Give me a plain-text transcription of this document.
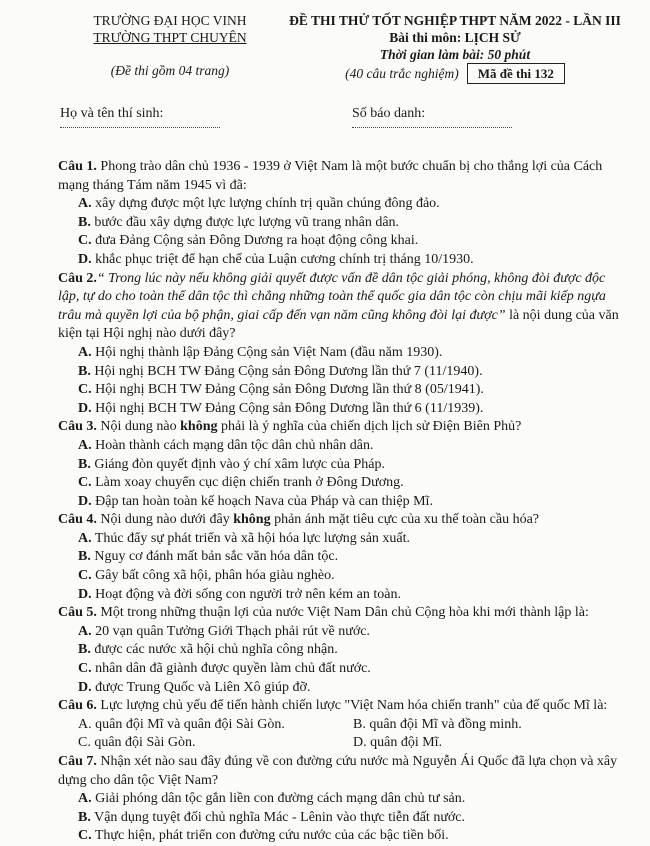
TRƯỜNG ĐẠI HỌC VINH
TRƯỜNG THPT CHUYÊN
(Đề thi gồm 04 trang)
ĐỀ THI THỬ TỐT NGHIỆP THPT NĂM 2022 - LẦN III
Bài thi môn: LỊCH SỬ
Thời gian làm bài: 50 phút
(40 câu trắc nghiệm) Mã đề thi 132
Họ và tên thí sinh:	Số báo danh:

Câu 1. Phong trào dân chủ 1936 - 1939 ở Việt Nam là một bước chuẩn bị cho thắng lợi của Cách mạng tháng Tám năm 1945 vì đã:

A. xây dựng được một lực lượng chính trị quần chúng đông đảo.

B. bước đầu xây dựng được lực lượng vũ trang nhân dân.

C. đưa Đảng Cộng sản Đông Dương ra hoạt động công khai.

D. khắc phục triệt để hạn chế của Luận cương chính trị tháng 10/1930.

Câu 2.“ Trong lúc này nếu không giải quyết được vấn đề dân tộc giải phóng, không đòi được độc lập, tự do cho toàn thể dân tộc thì chẳng những toàn thể quốc gia dân tộc còn chịu mãi kiếp ngựa trâu mà quyền lợi của bộ phận, giai cấp đến vạn năm cũng không đòi lại được” là nội dung của văn kiện tại Hội nghị nào dưới đây?

A. Hội nghị thành lập Đảng Cộng sản Việt Nam (đầu năm 1930).

B. Hội nghị BCH TW Đảng Cộng sản Đông Dương lần thứ 7 (11/1940).

C. Hội nghị BCH TW Đảng Cộng sản Đông Dương lần thứ 8 (05/1941).

D. Hội nghị BCH TW Đảng Cộng sản Đông Dương lần thứ 6 (11/1939).

Câu 3. Nội dung nào không phải là ý nghĩa của chiến dịch lịch sử Điện Biên Phủ?

A. Hoàn thành cách mạng dân tộc dân chủ nhân dân.

B. Giáng đòn quyết định vào ý chí xâm lược của Pháp.

C. Làm xoay chuyển cục diện chiến tranh ở Đông Dương.

D. Đập tan hoàn toàn kế hoạch Nava của Pháp và can thiệp Mĩ.

Câu 4. Nội dung nào dưới đây không phản ánh mặt tiêu cực của xu thế toàn cầu hóa?

A. Thúc đẩy sự phát triển và xã hội hóa lực lượng sản xuất.

B. Nguy cơ đánh mất bản sắc văn hóa dân tộc.

C. Gây bất công xã hội, phân hóa giàu nghèo.

D. Hoạt động và đời sống con người trở nên kém an toàn.

Câu 5. Một trong những thuận lợi của nước Việt Nam Dân chủ Cộng hòa khi mới thành lập là:

A. 20 vạn quân Tưởng Giới Thạch phải rút về nước.

B. được các nước xã hội chủ nghĩa công nhận.

C. nhân dân đã giành được quyền làm chủ đất nước.

D. được Trung Quốc và Liên Xô giúp đỡ.

Câu 6. Lực lượng chủ yếu để tiến hành chiến lược "Việt Nam hóa chiến tranh" của đế quốc Mĩ là:

A. quân đội Mĩ và quân đội Sài Gòn.	B. quân đội Mĩ và đồng minh.
C. quân đội Sài Gòn.	D. quân đội Mĩ.

Câu 7. Nhận xét nào sau đây đúng về con đường cứu nước mà Nguyễn Ái Quốc đã lựa chọn và xây dựng cho dân tộc Việt Nam?

A. Giải phóng dân tộc gắn liền con đường cách mạng dân chủ tư sản.

B. Vận dụng tuyệt đối chủ nghĩa Mác - Lênin vào thực tiễn đất nước.

C. Thực hiện, phát triển con đường cứu nước của các bậc tiền bối.
